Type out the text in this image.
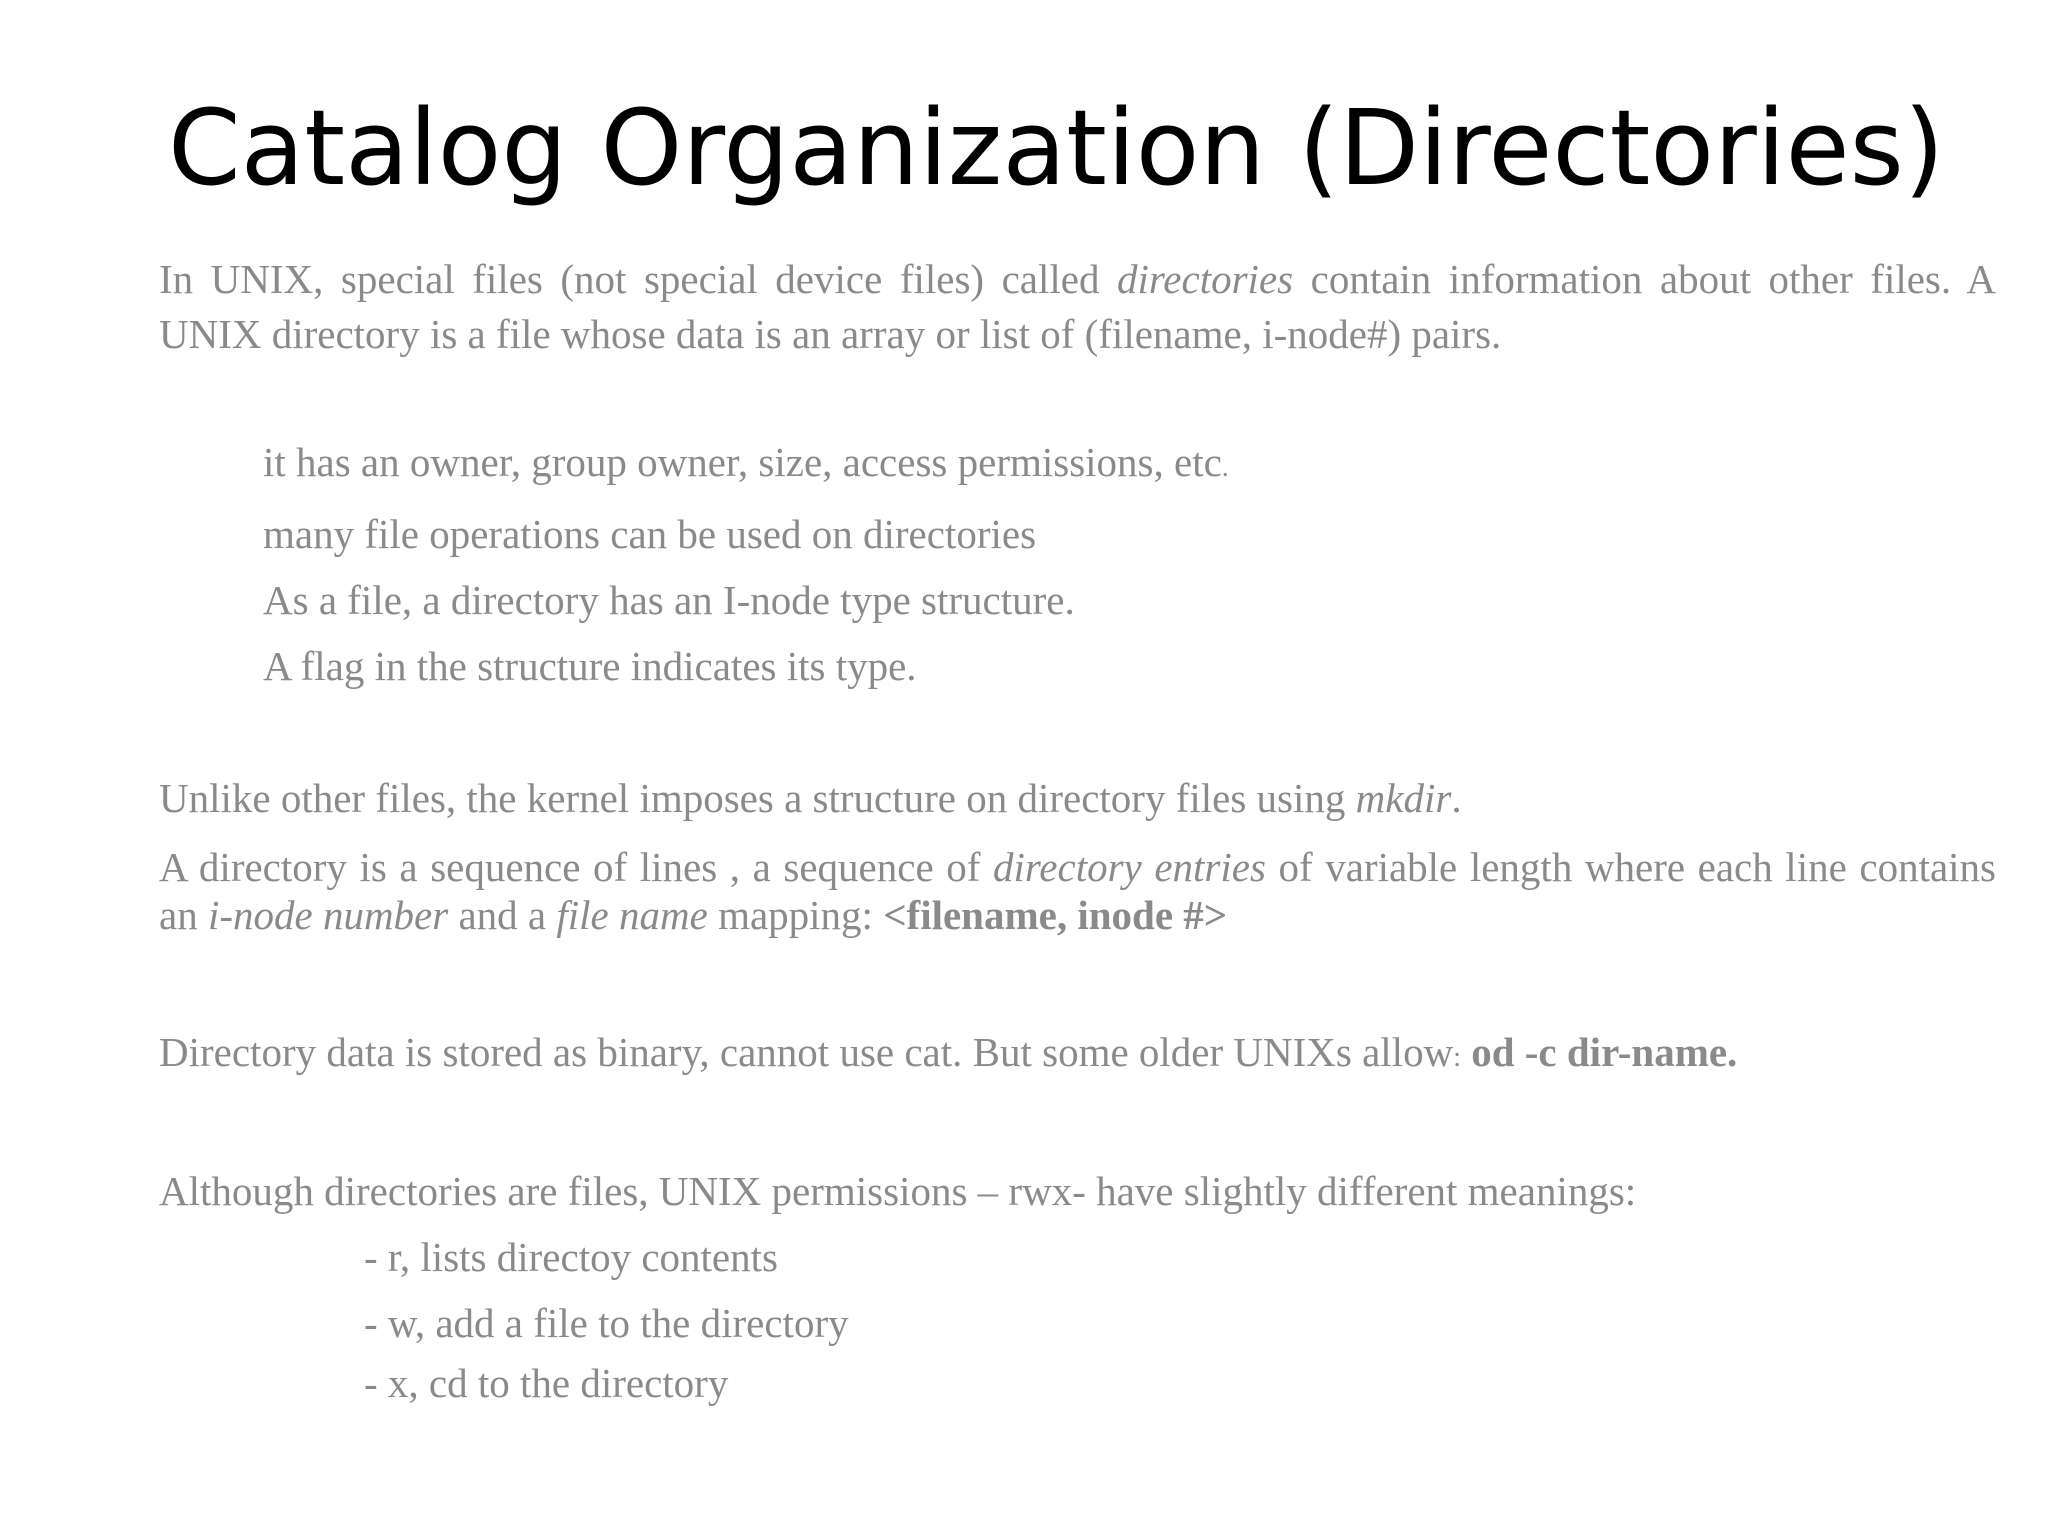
Catalog Organization (Directories)

In UNIX, special files (not special device files) called directories contain information about other files. A UNIX directory is a file whose data is an array or list of (filename, i-node#) pairs.

it has an owner, group owner, size, access permissions, etc.

many file operations can be used on directories

As a file, a directory has an I-node type structure.

A flag in the structure indicates its type.

Unlike other files, the kernel imposes a structure on directory files using mkdir.

A directory is a sequence of lines , a sequence of directory entries of variable length where each line contains an i-node number and a file name mapping: <filename, inode #>

Directory data is stored as binary, cannot use cat. But some older UNIXs allow: od -c dir-name.

Although directories are files, UNIX permissions – rwx- have slightly different meanings:

- r, lists directoy contents

- w, add a file to the directory

- x, cd to the directory
